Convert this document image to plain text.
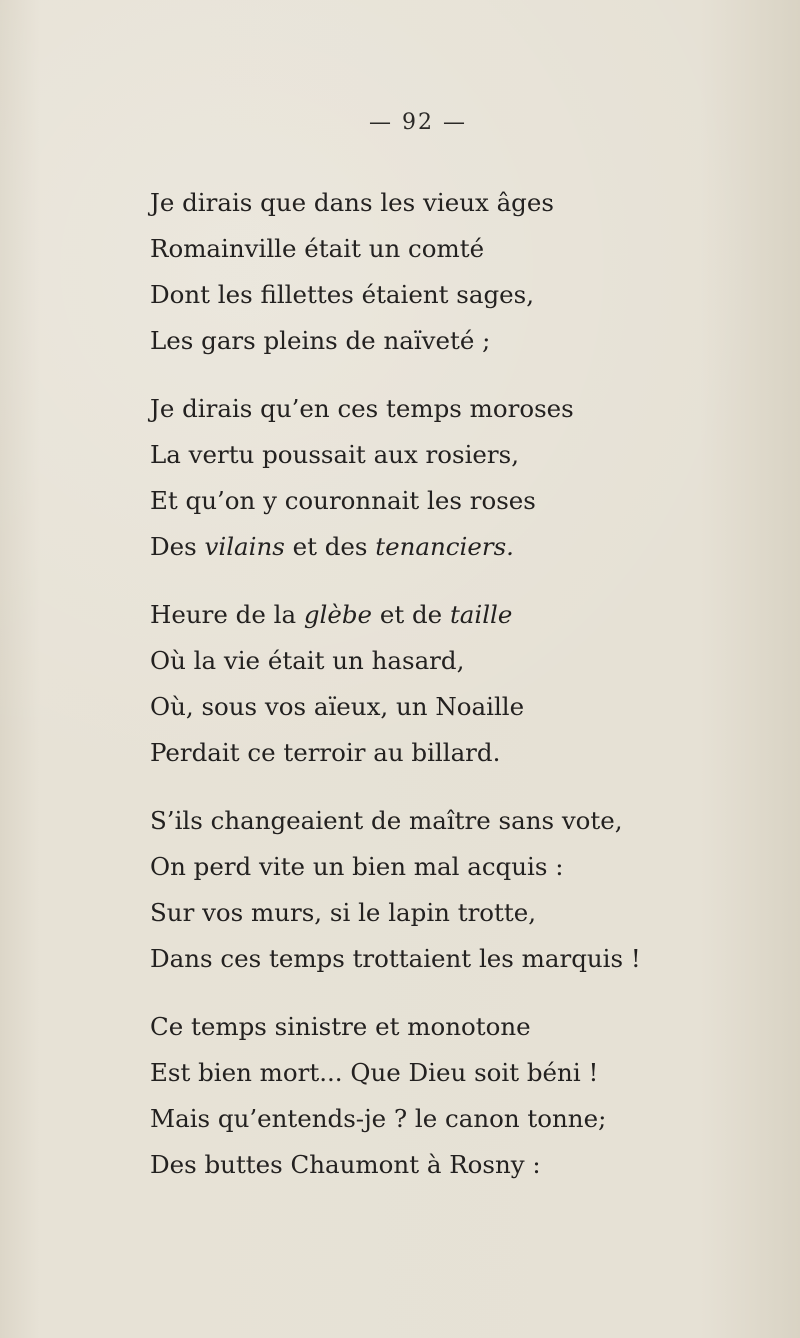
— 92 —
Je dirais que dans les vieux âges
Romainville était un comté
Dont les fillettes étaient sages,
Les gars pleins de naïveté ;
Je dirais qu’en ces temps moroses
La vertu poussait aux rosiers,
Et qu’on y couronnait les roses
Des vilains et des tenanciers.
Heure de la glèbe et de taille
Où la vie était un hasard,
Où, sous vos aïeux, un Noaille
Perdait ce terroir au billard.
S’ils changeaient de maître sans vote,
On perd vite un bien mal acquis :
Sur vos murs, si le lapin trotte,
Dans ces temps trottaient les marquis !
Ce temps sinistre et monotone
Est bien mort... Que Dieu soit béni !
Mais qu’entends-je ? le canon tonne;
Des buttes Chaumont à Rosny :
